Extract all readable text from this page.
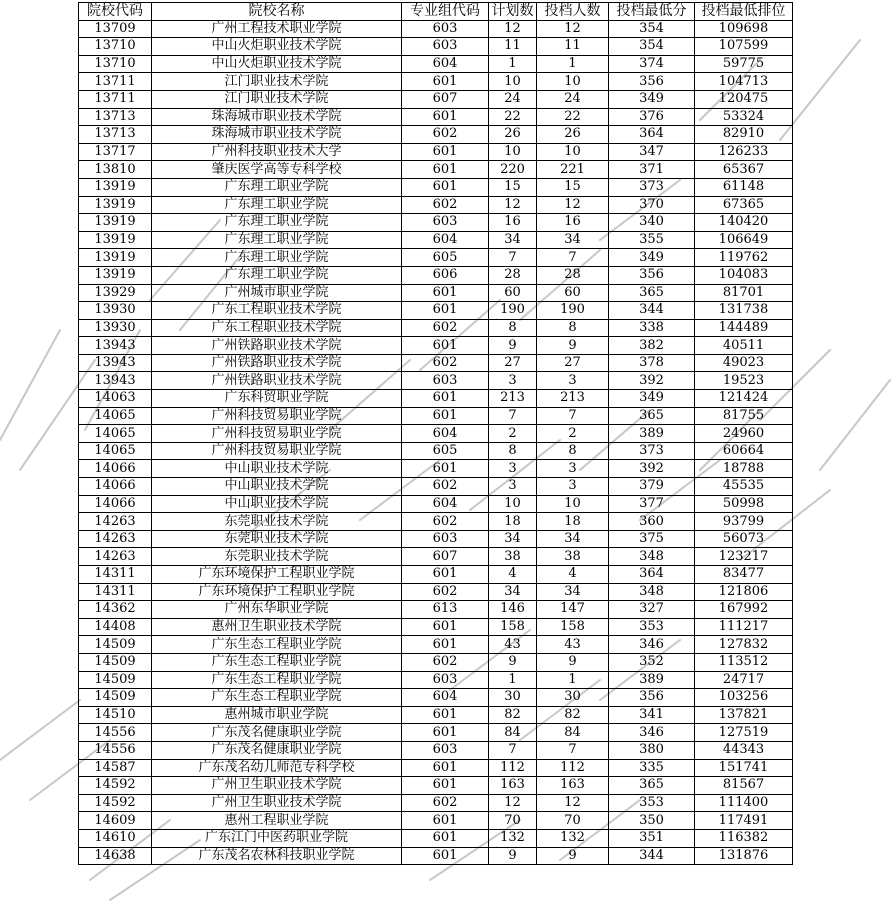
院校代码	院校名称	专业组代码	计划数	投档人数	投档最低分	投档最低排位
13709	广州工程技术职业学院	603	12	12	354	109698
13710	中山火炬职业技术学院	603	11	11	354	107599
13710	中山火炬职业技术学院	604	1	1	374	59775
13711	江门职业技术学院	601	10	10	356	104713
13711	江门职业技术学院	607	24	24	349	120475
13713	珠海城市职业技术学院	601	22	22	376	53324
13713	珠海城市职业技术学院	602	26	26	364	82910
13717	广州科技职业技术大学	601	10	10	347	126233
13810	肇庆医学高等专科学校	601	220	221	371	65367
13919	广东理工职业学院	601	15	15	373	61148
13919	广东理工职业学院	602	12	12	370	67365
13919	广东理工职业学院	603	16	16	340	140420
13919	广东理工职业学院	604	34	34	355	106649
13919	广东理工职业学院	605	7	7	349	119762
13919	广东理工职业学院	606	28	28	356	104083
13929	广州城市职业学院	601	60	60	365	81701
13930	广东工程职业技术学院	601	190	190	344	131738
13930	广东工程职业技术学院	602	8	8	338	144489
13943	广州铁路职业技术学院	601	9	9	382	40511
13943	广州铁路职业技术学院	602	27	27	378	49023
13943	广州铁路职业技术学院	603	3	3	392	19523
14063	广东科贸职业学院	601	213	213	349	121424
14065	广州科技贸易职业学院	601	7	7	365	81755
14065	广州科技贸易职业学院	604	2	2	389	24960
14065	广州科技贸易职业学院	605	8	8	373	60664
14066	中山职业技术学院	601	3	3	392	18788
14066	中山职业技术学院	602	3	3	379	45535
14066	中山职业技术学院	604	10	10	377	50998
14263	东莞职业技术学院	602	18	18	360	93799
14263	东莞职业技术学院	603	34	34	375	56073
14263	东莞职业技术学院	607	38	38	348	123217
14311	广东环境保护工程职业学院	601	4	4	364	83477
14311	广东环境保护工程职业学院	602	34	34	348	121806
14362	广州东华职业学院	613	146	147	327	167992
14408	惠州卫生职业技术学院	601	158	158	353	111217
14509	广东生态工程职业学院	601	43	43	346	127832
14509	广东生态工程职业学院	602	9	9	352	113512
14509	广东生态工程职业学院	603	1	1	389	24717
14509	广东生态工程职业学院	604	30	30	356	103256
14510	惠州城市职业学院	601	82	82	341	137821
14556	广东茂名健康职业学院	601	84	84	346	127519
14556	广东茂名健康职业学院	603	7	7	380	44343
14587	广东茂名幼儿师范专科学校	601	112	112	335	151741
14592	广州卫生职业技术学院	601	163	163	365	81567
14592	广州卫生职业技术学院	602	12	12	353	111400
14609	惠州工程职业学院	601	70	70	350	117491
14610	广东江门中医药职业学院	601	132	132	351	116382
14638	广东茂名农林科技职业学院	601	9	9	344	131876
